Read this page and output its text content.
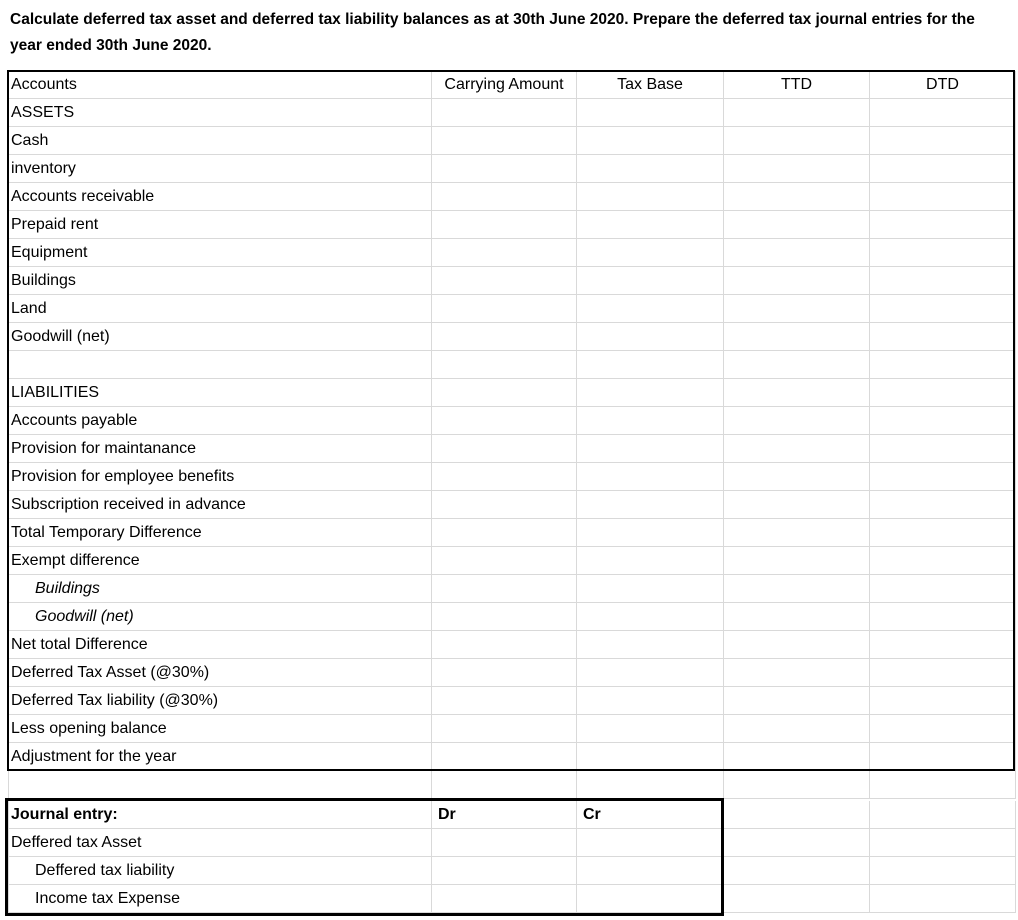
Calculate deferred tax asset and deferred tax liability balances as at 30th June 2020. Prepare the deferred tax journal entries for the year ended 30th June 2020.
Accounts	Carrying Amount	Tax Base	TTD	DTD
ASSETS
Cash
inventory
Accounts receivable
Prepaid rent
Equipment
Buildings
Land
Goodwill (net)
LIABILITIES
Accounts payable
Provision for maintanance
Provision for employee benefits
Subscription received in advance
Total Temporary Difference
Exempt difference
Buildings
Goodwill (net)
Net total Difference
Deferred Tax Asset (@30%)
Deferred Tax liability (@30%)
Less opening balance
Adjustment for the year
Journal entry:	Dr	Cr
Deffered tax Asset
Deffered tax liability
Income tax Expense
